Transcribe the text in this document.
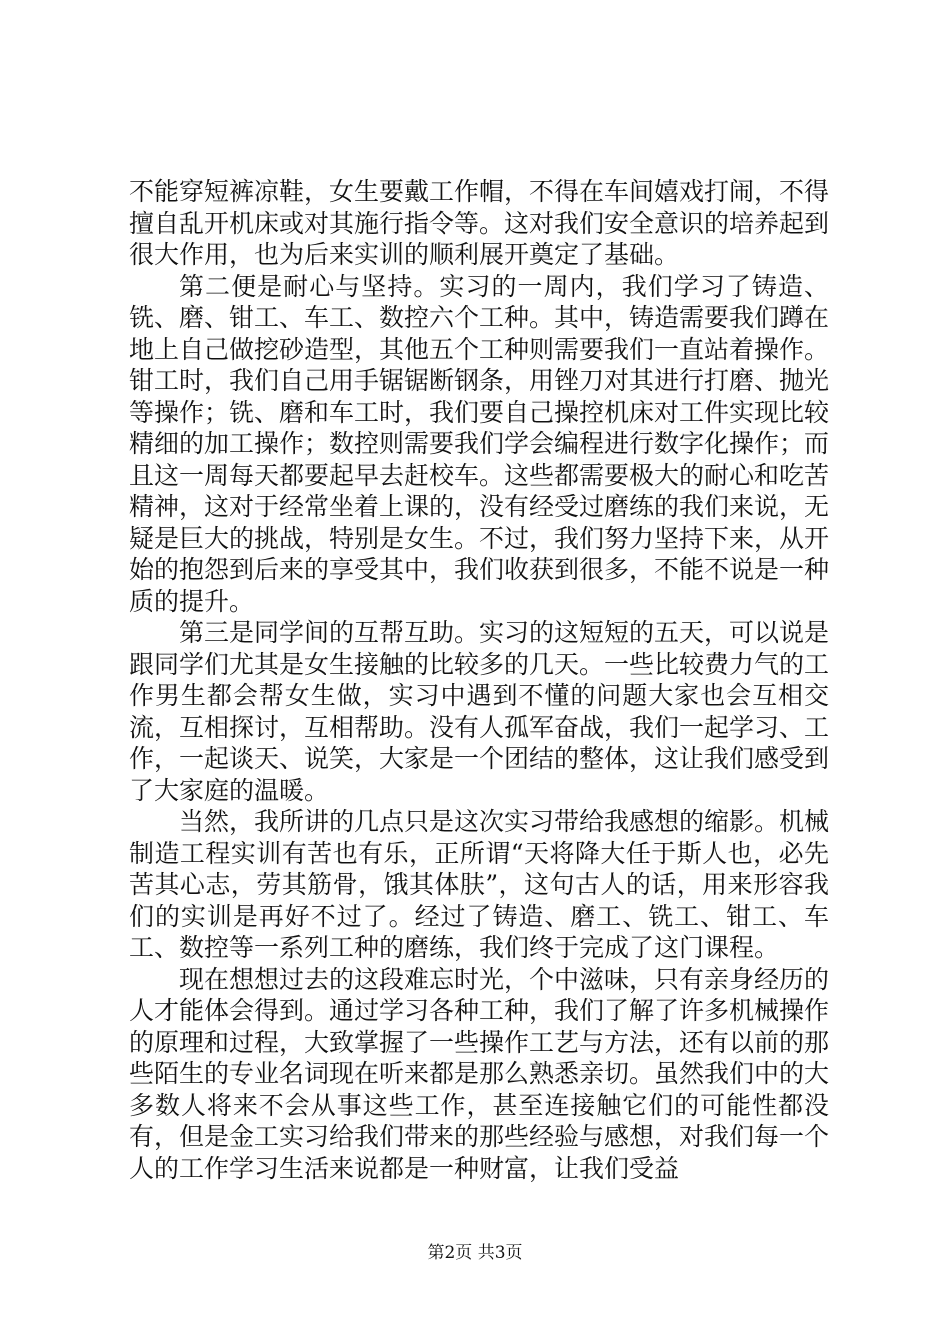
不能穿短裤凉鞋，女生要戴工作帽，不得在车间嬉戏打闹，不得擅自乱开机床或对其施行指令等。这对我们安全意识的培养起到很大作用，也为后来实训的顺利展开奠定了基础。

第二便是耐心与坚持。实习的一周内，我们学习了铸造、铣、磨、钳工、车工、数控六个工种。其中，铸造需要我们蹲在地上自己做挖砂造型，其他五个工种则需要我们一直站着操作。钳工时，我们自己用手锯锯断钢条，用锉刀对其进行打磨、抛光等操作；铣、磨和车工时，我们要自己操控机床对工件实现比较精细的加工操作；数控则需要我们学会编程进行数字化操作；而且这一周每天都要起早去赶校车。这些都需要极大的耐心和吃苦精神，这对于经常坐着上课的，没有经受过磨练的我们来说，无疑是巨大的挑战，特别是女生。不过，我们努力坚持下来，从开始的抱怨到后来的享受其中，我们收获到很多，不能不说是一种质的提升。

第三是同学间的互帮互助。实习的这短短的五天，可以说是跟同学们尤其是女生接触的比较多的几天。一些比较费力气的工作男生都会帮女生做，实习中遇到不懂的问题大家也会互相交流，互相探讨，互相帮助。没有人孤军奋战，我们一起学习、工作，一起谈天、说笑，大家是一个团结的整体，这让我们感受到了大家庭的温暖。

当然，我所讲的几点只是这次实习带给我感想的缩影。机械制造工程实训有苦也有乐，正所谓“天将降大任于斯人也，必先苦其心志，劳其筋骨，饿其体肤”，这句古人的话，用来形容我们的实训是再好不过了。经过了铸造、磨工、铣工、钳工、车工、数控等一系列工种的磨练，我们终于完成了这门课程。

现在想想过去的这段难忘时光，个中滋味，只有亲身经历的人才能体会得到。通过学习各种工种，我们了解了许多机械操作的原理和过程，大致掌握了一些操作工艺与方法，还有以前的那些陌生的专业名词现在听来都是那么熟悉亲切。虽然我们中的大多数人将来不会从事这些工作，甚至连接触它们的可能性都没有，但是金工实习给我们带来的那些经验与感想，对我们每一个人的工作学习生活来说都是一种财富，让我们受益

第2页 共3页
